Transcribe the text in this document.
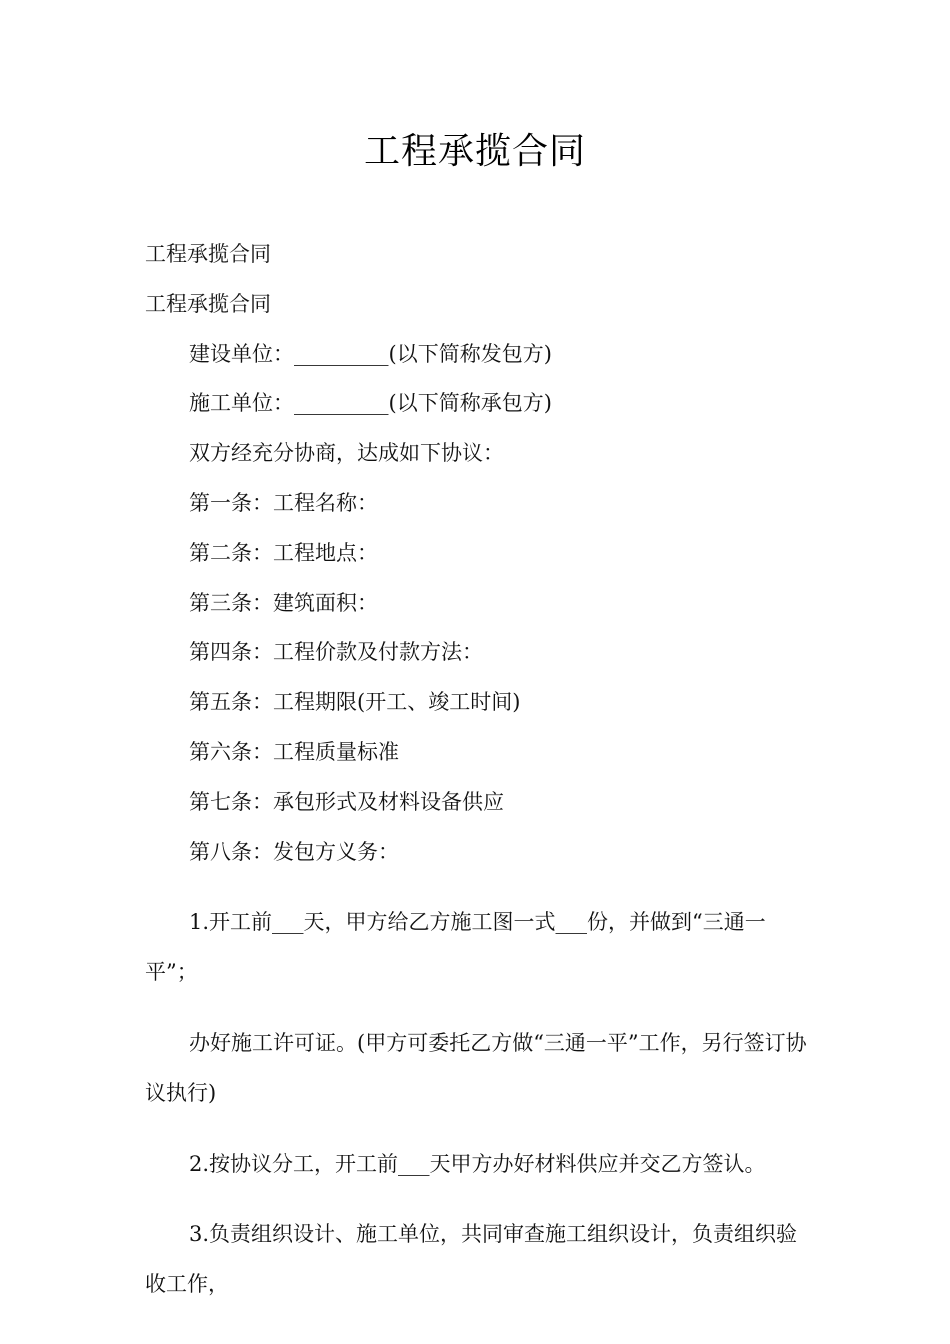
工程承揽合同

工程承揽合同

工程承揽合同

建设单位：_________(以下简称发包方)

施工单位：_________(以下简称承包方)

双方经充分协商，达成如下协议：

第一条：工程名称：

第二条：工程地点：

第三条：建筑面积：

第四条：工程价款及付款方法：

第五条：工程期限(开工、竣工时间)

第六条：工程质量标准

第七条：承包形式及材料设备供应

第八条：发包方义务：

1.开工前___天，甲方给乙方施工图一式___份，并做到“三通一平”；

办好施工许可证。(甲方可委托乙方做“三通一平”工作，另行签订协议执行)

2.按协议分工，开工前___天甲方办好材料供应并交乙方签认。

3.负责组织设计、施工单位，共同审查施工组织设计，负责组织验收工作，
